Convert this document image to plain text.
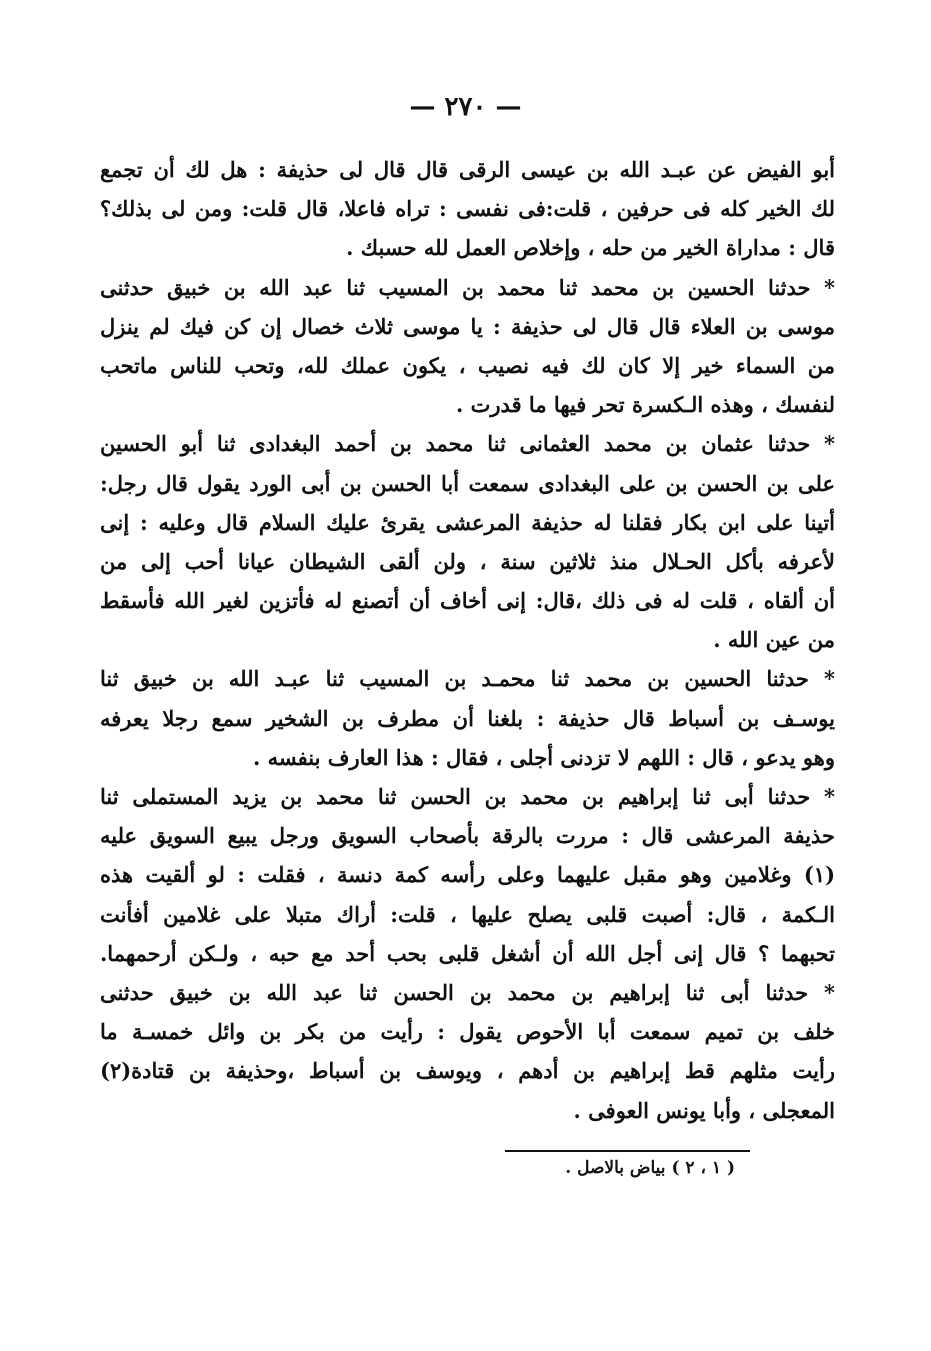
— ٢٧٠ —
أبو الفيض عن عبـد الله بن عيسى الرقى قال قال لى حذيفة : هل لك أن تجمع
لك الخير كله فى حرفين ، قلت:فى نفسى : تراه فاعلا، قال قلت: ومن لى بذلك؟
قال : مداراة الخير من حله ، وإخلاص العمل لله حسبك .
* حدثنا الحسين بن محمد ثنا محمد بن المسيب ثنا عبد الله بن خبيق حدثنى
موسى بن العلاء قال قال لى حذيفة : يا موسى ثلاث خصال إن كن فيك لم ينزل
من السماء خير إلا كان لك فيه نصيب ، يكون عملك لله، وتحب للناس ماتحب
لنفسك ، وهذه الـكسرة تحر فيها ما قدرت .
* حدثنا عثمان بن محمد العثمانى ثنا محمد بن أحمد البغدادى ثنا أبو الحسين
على بن الحسن بن على البغدادى سمعت أبا الحسن بن أبى الورد يقول قال رجل:
أتينا على ابن بكار فقلنا له حذيفة المرعشى يقرئ عليك السلام قال وعليه : إنى
لأعرفه بأكل الحـلال منذ ثلاثين سنة ، ولن ألقى الشيطان عيانا أحب إلى من
أن ألقاه ، قلت له فى ذلك ،قال: إنى أخاف أن أتصنع له فأتزين لغير الله فأسقط
من عين الله .
* حدثنا الحسين بن محمد ثنا محمـد بن المسيب ثنا عبـد الله بن خبيق ثنا
يوسـف بن أسباط قال حذيفة : بلغنا أن مطرف بن الشخير سمع رجلا يعرفه
وهو يدعو ، قال : اللهم لا تزدنى أجلى ، فقال : هذا العارف بنفسه .
* حدثنا أبى ثنا إبراهيم بن محمد بن الحسن ثنا محمد بن يزيد المستملى ثنا
حذيفة المرعشى قال : مررت بالرقة بأصحاب السويق ورجل يبيع السويق عليه
(١) وغلامين وهو مقبل عليهما وعلى رأسه كمة دنسة ، فقلت : لو ألقيت هذه
الـكمة ، قال: أصبت قلبى يصلح عليها ، قلت: أراك متبلا على غلامين أفأنت
تحبهما ؟ قال إنى أجل الله أن أشغل قلبى بحب أحد مع حبه ، ولـكن أرحمهما.
* حدثنا أبى ثنا إبراهيم بن محمد بن الحسن ثنا عبد الله بن خبيق حدثنى
خلف بن تميم سمعت أبا الأحوص يقول : رأيت من بكر بن وائل خمسـة ما
رأيت مثلهم قط إبراهيم بن أدهم ، ويوسف بن أسباط ،وحذيفة بن قتادة(٢)
المعجلى ، وأبا يونس العوفى .
( ١ ، ٢ ) بياض بالاصل .
